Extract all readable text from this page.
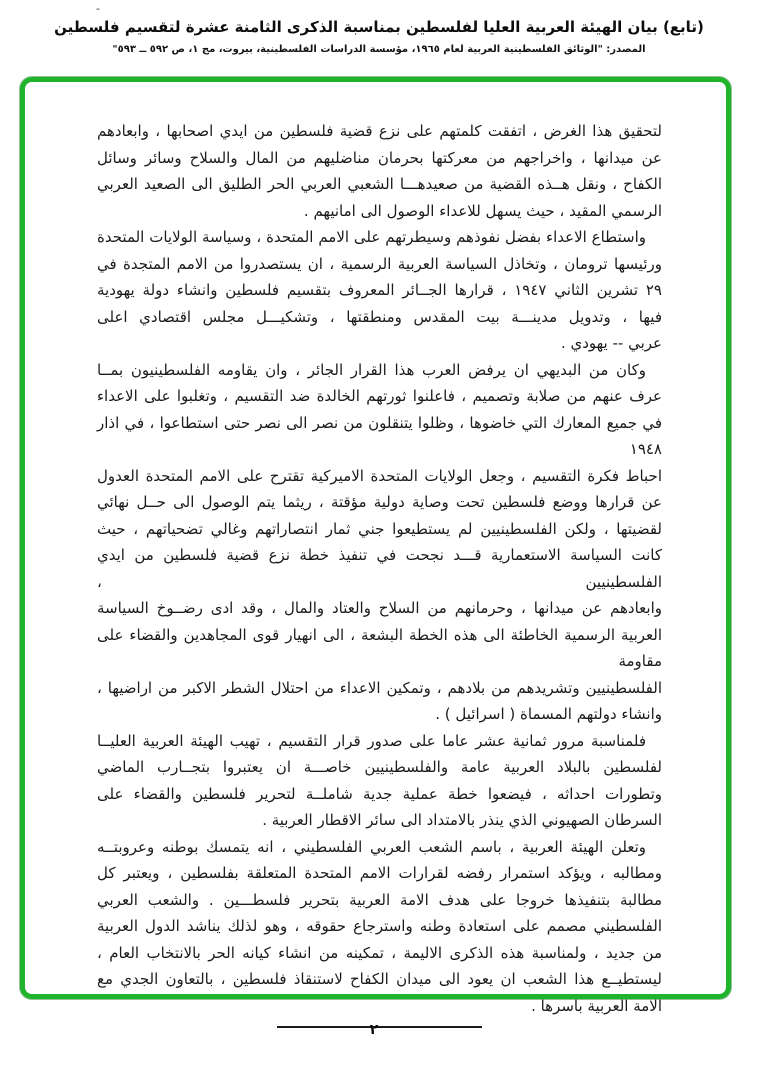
-
(تابع) بيان الهيئة العربية العليا لفلسطين بمناسبة الذكرى الثامنة عشرة لتقسيم فلسطين
المصدر: "الوثائق الفلسطينية العربية لعام ١٩٦٥، مؤسسة الدراسات الفلسطينية، بيروت، مج ١، ص ٥٩٢ ــ ٥٩٣"
لتحقيق هذا الغرض ، اتفقت كلمتهم على نزع قضية فلسطين من ايدي اصحابها ، وابعادهم
عن ميدانها ، واخراجهم من معركتها بحرمان مناضليهم من المال والسلاح وسائر وسائل
الكفاح ، ونقل هــذه القضية من صعيدهـــا الشعبي العربي الحر الطليق الى الصعيد العربي
الرسمي المقيد ، حيث يسهل للاعداء الوصول الى امانيهم .
واستطاع الاعداء بفضل نفوذهم وسيطرتهم على الامم المتحدة ، وسياسة الولايات المتحدة
ورئيسها ترومان ، وتخاذل السياسة العربية الرسمية ، ان يستصدروا من الامم المتجدة في
٢٩ تشرين الثاني ١٩٤٧ ، قرارها الجــائر المعروف بتقسيم فلسطين وانشاء دولة يهودية
فيها ، وتدويل مدينـــة بيت المقدس ومنطقتها ، وتشكيـــل مجلس اقتصادي اعلى
عربي -- يهودي .
وكان من البديهي ان يرفض العرب هذا القرار الجائر ، وان يقاومه الفلسطينيون بمــا
عرف عنهم من صلابة وتصميم ، فاعلنوا ثورتهم الخالدة ضد التقسيم ، وتغلبوا على الاعداء
في جميع المعارك التي خاضوها ، وظلوا يتنقلون من نصر الى نصر حتى استطاعوا ، في اذار ١٩٤٨
احباط فكرة التقسيم ، وجعل الولايات المتحدة الاميركية تقترح على الامم المتحدة العدول
عن قرارها ووضع فلسطين تحت وصاية دولية مؤقتة ، ريثما يتم الوصول الى حــل نهائي
لقضيتها ، ولكن الفلسطينيين لم يستطيعوا جني ثمار انتصاراتهم وغالي تضحياتهم ، حيث
كانت السياسة الاستعمارية قـــد نجحت في تنفيذ خطة نزع قضية فلسطين من ايدي الفلسطينيين ،
وابعادهم عن ميدانها ، وحرمانهم من السلاح والعتاد والمال ، وقد ادى رضــوخ السياسة
العربية الرسمية الخاطئة الى هذه الخطة البشعة ، الى انهيار قوى المجاهدين والقضاء على مقاومة
الفلسطينيين وتشريدهم من بلادهم ، وتمكين الاعداء من احتلال الشطر الاكبر من اراضيها ،
وانشاء دولتهم المسماة ( اسرائيل ) .
فلمناسبة مرور ثمانية عشر عاما على صدور قرار التقسيم ، تهيب الهيئة العربية العليــا
لفلسطين بالبلاد العربية عامة والفلسطينيين خاصـــة ان يعتبروا بتجــارب الماضي
وتطورات احداثه ، فيضعوا خطة عملية جدية شاملــة لتحرير فلسطين والقضاء على
السرطان الصهيوني الذي ينذر بالامتداد الى سائر الاقطار العربية .
وتعلن الهيئة العربية ، باسم الشعب العربي الفلسطيني ، انه يتمسك بوطنه وعروبتــه
ومطالبه ، ويؤكد استمرار رفضه لقرارات الامم المتحدة المتعلقة بفلسطين ، ويعتبر كل
مطالبة بتنفيذها خروجا على هدف الامة العربية بتحرير فلسطـــين . والشعب العربي
الفلسطيني مصمم على استعادة وطنه واسترجاع حقوقه ، وهو لذلك يناشد الدول العربية
من جديد ، ولمناسبة هذه الذكرى الاليمة ، تمكينه من انشاء كيانه الحر بالانتخاب العام ،
ليستطيــع هذا الشعب ان يعود الى ميدان الكفاح لاستنقاذ فلسطين ، بالتعاون الجدي مع
الامة العربية باسرها .
٢
